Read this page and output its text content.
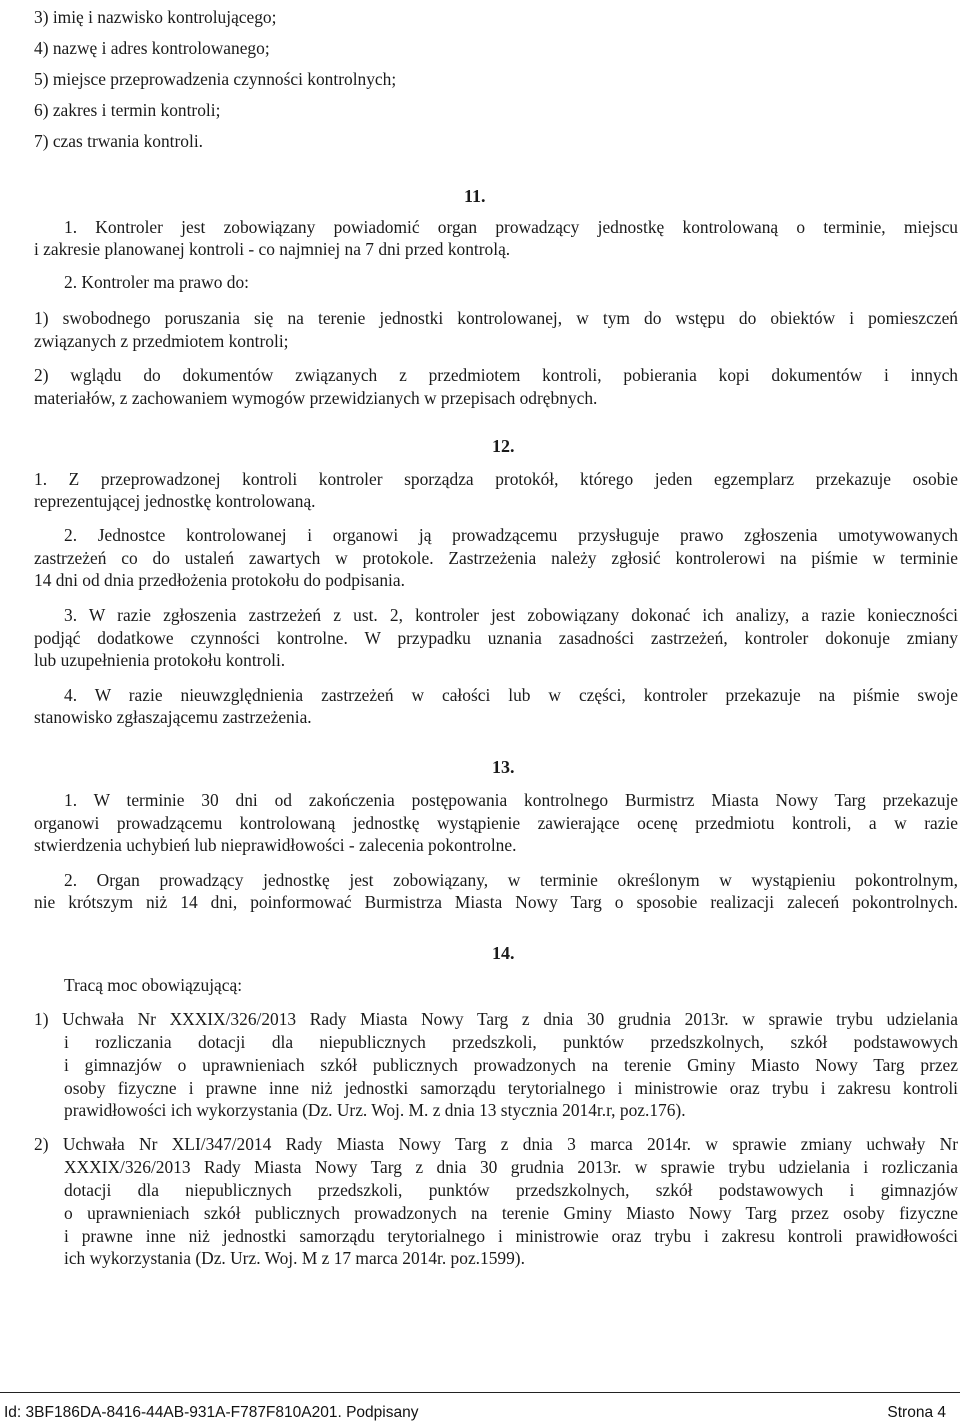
3) imię i nazwisko kontrolującego;
4) nazwę i adres kontrolowanego;
5) miejsce przeprowadzenia czynności kontrolnych;
6) zakres i termin kontroli;
7) czas trwania kontroli.
11.
1. Kontroler jest zobowiązany powiadomić organ prowadzący jednostkę kontrolowaną o terminie, miejscu
i zakresie planowanej kontroli - co najmniej na 7 dni przed kontrolą.
2. Kontroler ma prawo do:
1) swobodnego poruszania się na terenie jednostki kontrolowanej, w tym do wstępu do obiektów i pomieszczeń
związanych z przedmiotem kontroli;
2) wglądu do dokumentów związanych z przedmiotem kontroli, pobierania kopi dokumentów i innych
materiałów, z zachowaniem wymogów przewidzianych w przepisach odrębnych.
12.
1. Z przeprowadzonej kontroli kontroler sporządza protokół, którego jeden egzemplarz przekazuje osobie
reprezentującej jednostkę kontrolowaną.
2. Jednostce kontrolowanej i organowi ją prowadzącemu przysługuje prawo zgłoszenia umotywowanych
zastrzeżeń co do ustaleń zawartych w protokole. Zastrzeżenia należy zgłosić kontrolerowi na piśmie w terminie
14 dni od dnia przedłożenia protokołu do podpisania.
3. W razie zgłoszenia zastrzeżeń z ust. 2, kontroler jest zobowiązany dokonać ich analizy, a razie konieczności
podjąć dodatkowe czynności kontrolne. W przypadku uznania zasadności zastrzeżeń, kontroler dokonuje zmiany
lub uzupełnienia protokołu kontroli.
4. W razie nieuwzględnienia zastrzeżeń w całości lub w części, kontroler przekazuje na piśmie swoje
stanowisko zgłaszającemu zastrzeżenia.
13.
1. W terminie 30 dni od zakończenia postępowania kontrolnego Burmistrz Miasta Nowy Targ przekazuje
organowi prowadzącemu kontrolowaną jednostkę wystąpienie zawierające ocenę przedmiotu kontroli, a w razie
stwierdzenia uchybień lub nieprawidłowości - zalecenia pokontrolne.
2. Organ prowadzący jednostkę jest zobowiązany, w terminie określonym w wystąpieniu pokontrolnym,
nie krótszym niż 14 dni, poinformować Burmistrza Miasta Nowy Targ o sposobie realizacji zaleceń pokontrolnych.
14.
Tracą moc obowiązującą:
1) Uchwała Nr XXXIX/326/2013 Rady Miasta Nowy Targ z dnia 30 grudnia 2013r. w sprawie trybu udzielania
i rozliczania dotacji dla niepublicznych przedszkoli, punktów przedszkolnych, szkół podstawowych
i gimnazjów o uprawnieniach szkół publicznych prowadzonych na terenie Gminy Miasto Nowy Targ przez
osoby fizyczne i prawne inne niż jednostki samorządu terytorialnego i ministrowie oraz trybu i zakresu kontroli
prawidłowości ich wykorzystania (Dz. Urz. Woj. M. z dnia 13 stycznia 2014r.r, poz.176).
2) Uchwała Nr XLI/347/2014 Rady Miasta Nowy Targ z dnia 3 marca 2014r. w sprawie zmiany uchwały Nr
XXXIX/326/2013 Rady Miasta Nowy Targ z dnia 30 grudnia 2013r. w sprawie trybu udzielania i rozliczania
dotacji dla niepublicznych przedszkoli, punktów przedszkolnych, szkół podstawowych i gimnazjów
o uprawnieniach szkół publicznych prowadzonych na terenie Gminy Miasto Nowy Targ przez osoby fizyczne
i prawne inne niż jednostki samorządu terytorialnego i ministrowie oraz trybu i zakresu kontroli prawidłowości
ich wykorzystania (Dz. Urz. Woj. M z 17 marca 2014r. poz.1599).
Id: 3BF186DA-8416-44AB-931A-F787F810A201. Podpisany	Strona 4
